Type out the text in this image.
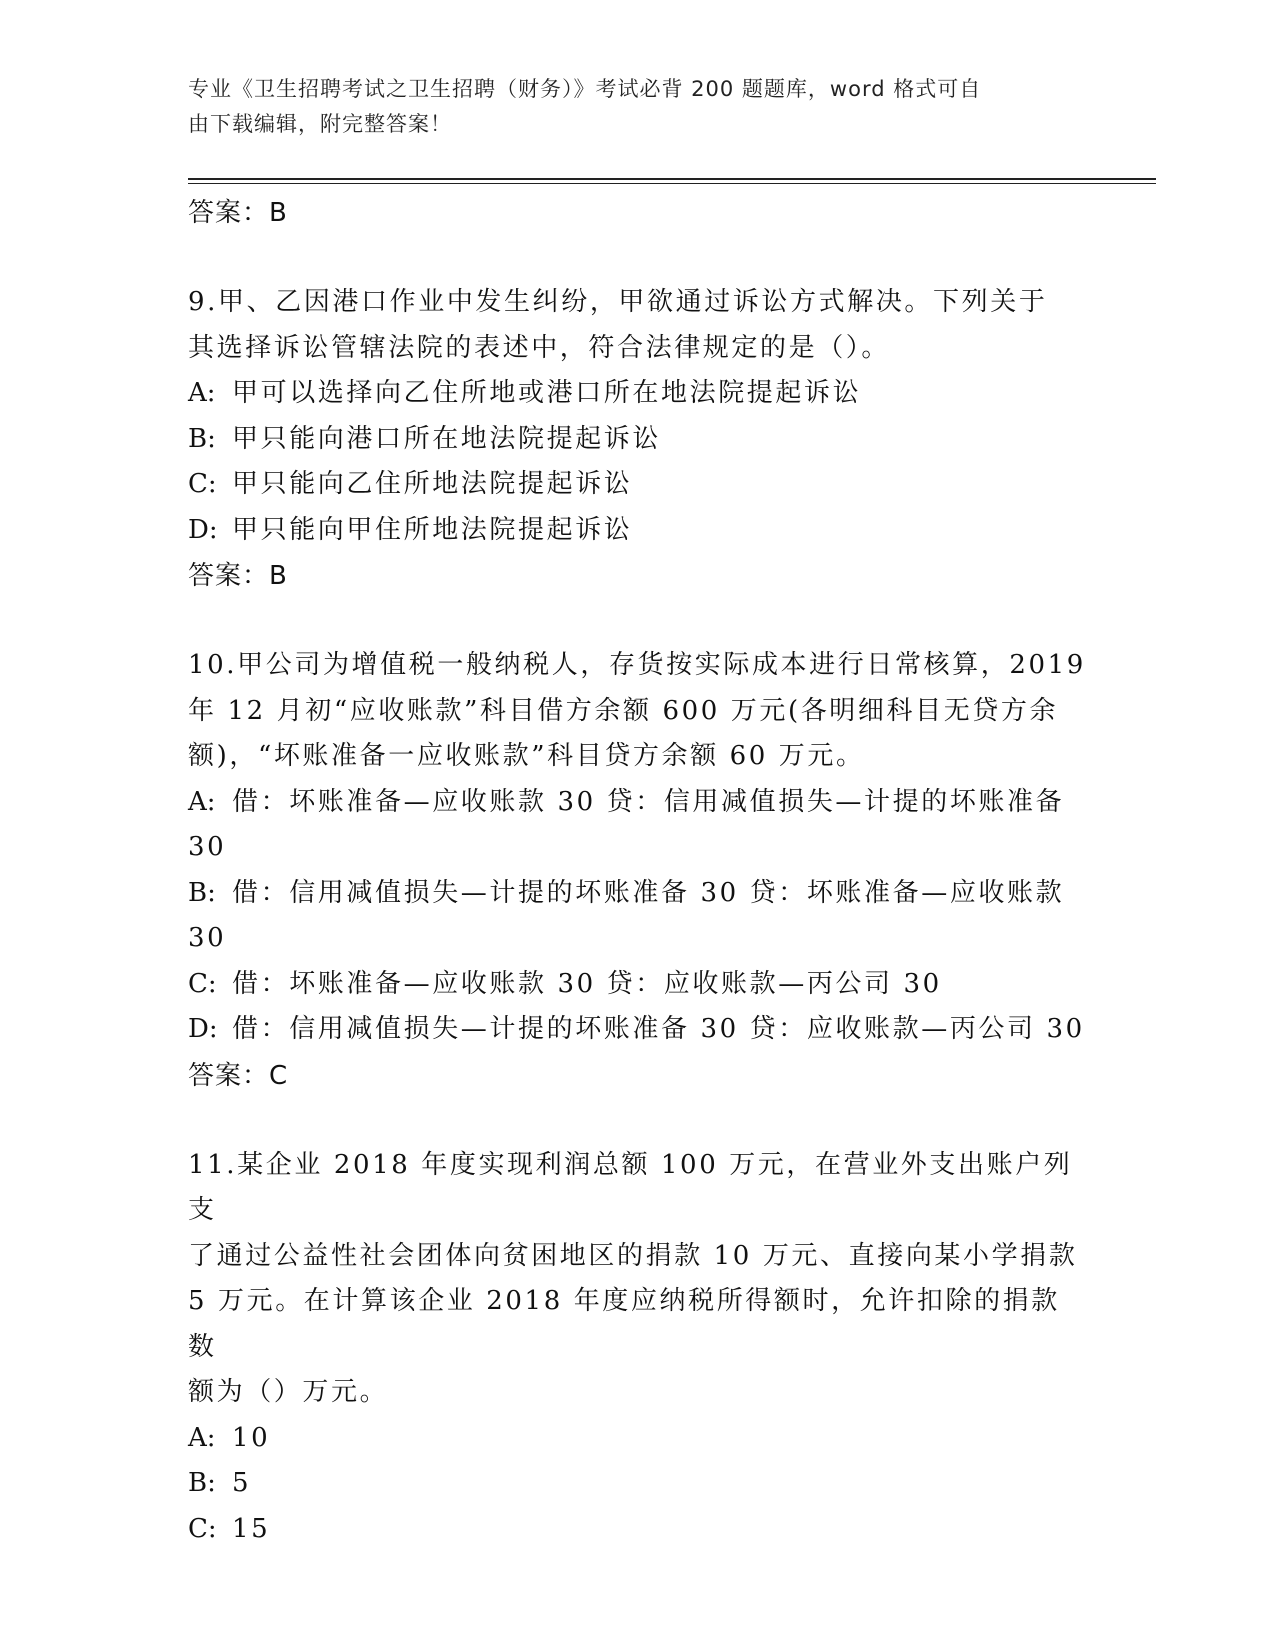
专业《卫生招聘考试之卫生招聘（财务）》考试必背 200 题题库，word 格式可自
由下载编辑，附完整答案！
答案：B
9.甲、乙因港口作业中发生纠纷，甲欲通过诉讼方式解决。下列关于
其选择诉讼管辖法院的表述中，符合法律规定的是（）。
A: 甲可以选择向乙住所地或港口所在地法院提起诉讼
B: 甲只能向港口所在地法院提起诉讼
C: 甲只能向乙住所地法院提起诉讼
D: 甲只能向甲住所地法院提起诉讼
答案：B
10.甲公司为增值税一般纳税人，存货按实际成本进行日常核算，2019
年 12 月初“应收账款”科目借方余额 600 万元(各明细科目无贷方余
额)，“坏账准备一应收账款”科目贷方余额 60 万元。
A: 借：坏账准备—应收账款 30 贷：信用减值损失—计提的坏账准备
30
B: 借：信用减值损失—计提的坏账准备 30 贷：坏账准备—应收账款
30
C: 借：坏账准备—应收账款 30 贷：应收账款—丙公司 30
D: 借：信用减值损失—计提的坏账准备 30 贷：应收账款—丙公司 30
答案：C
11.某企业 2018 年度实现利润总额 100 万元，在营业外支出账户列支
了通过公益性社会团体向贫困地区的捐款 10 万元、直接向某小学捐款
5 万元。在计算该企业 2018 年度应纳税所得额时，允许扣除的捐款数
额为（）万元。
A: 10
B: 5
C: 15
